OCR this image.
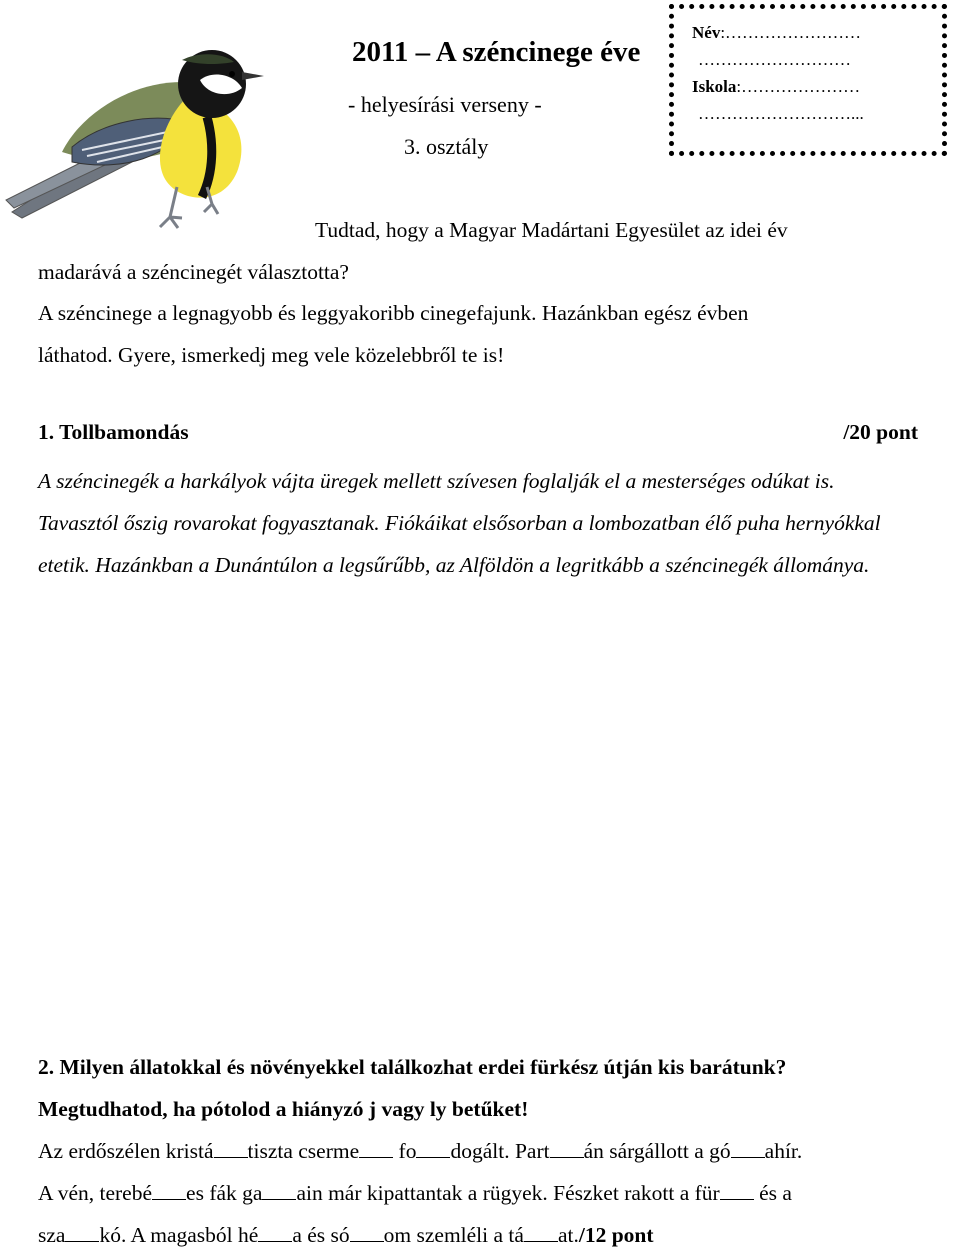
2011 – A széncinege éve
- helyesírási verseny -
3. osztály
Név:……………………
………………………
Iskola:…………………
………………………...
Tudtad, hogy a Magyar Madártani Egyesület az idei év
madarává a széncinegét választotta?
A széncinege a legnagyobb és leggyakoribb cinegefajunk. Hazánkban egész évben
láthatod. Gyere, ismerkedj meg vele közelebbről te is!
1. Tollbamondás	/20 pont
A széncinegék a harkályok vájta üregek mellett szívesen foglalják el a mesterséges odúkat is. Tavasztól őszig rovarokat fogyasztanak. Fiókáikat elsősorban a lombozatban élő puha hernyókkal etetik. Hazánkban a Dunántúlon a legsűrűbb, az Alföldön a legritkább a széncinegék állománya.
2. Milyen állatokkal és növényekkel találkozhat erdei fürkész útján kis barátunk?
Megtudhatod, ha pótolod a hiányzó j vagy ly betűket!
Az erdőszélen kristá tiszta cserme fo dogált. Part án sárgállott a gó ahír.
A vén, terebé es fák ga ain már kipattantak a rügyek. Fészket rakott a für és a
sza kó. A magasból hé a és só om szemléli a tá at./12 pont
